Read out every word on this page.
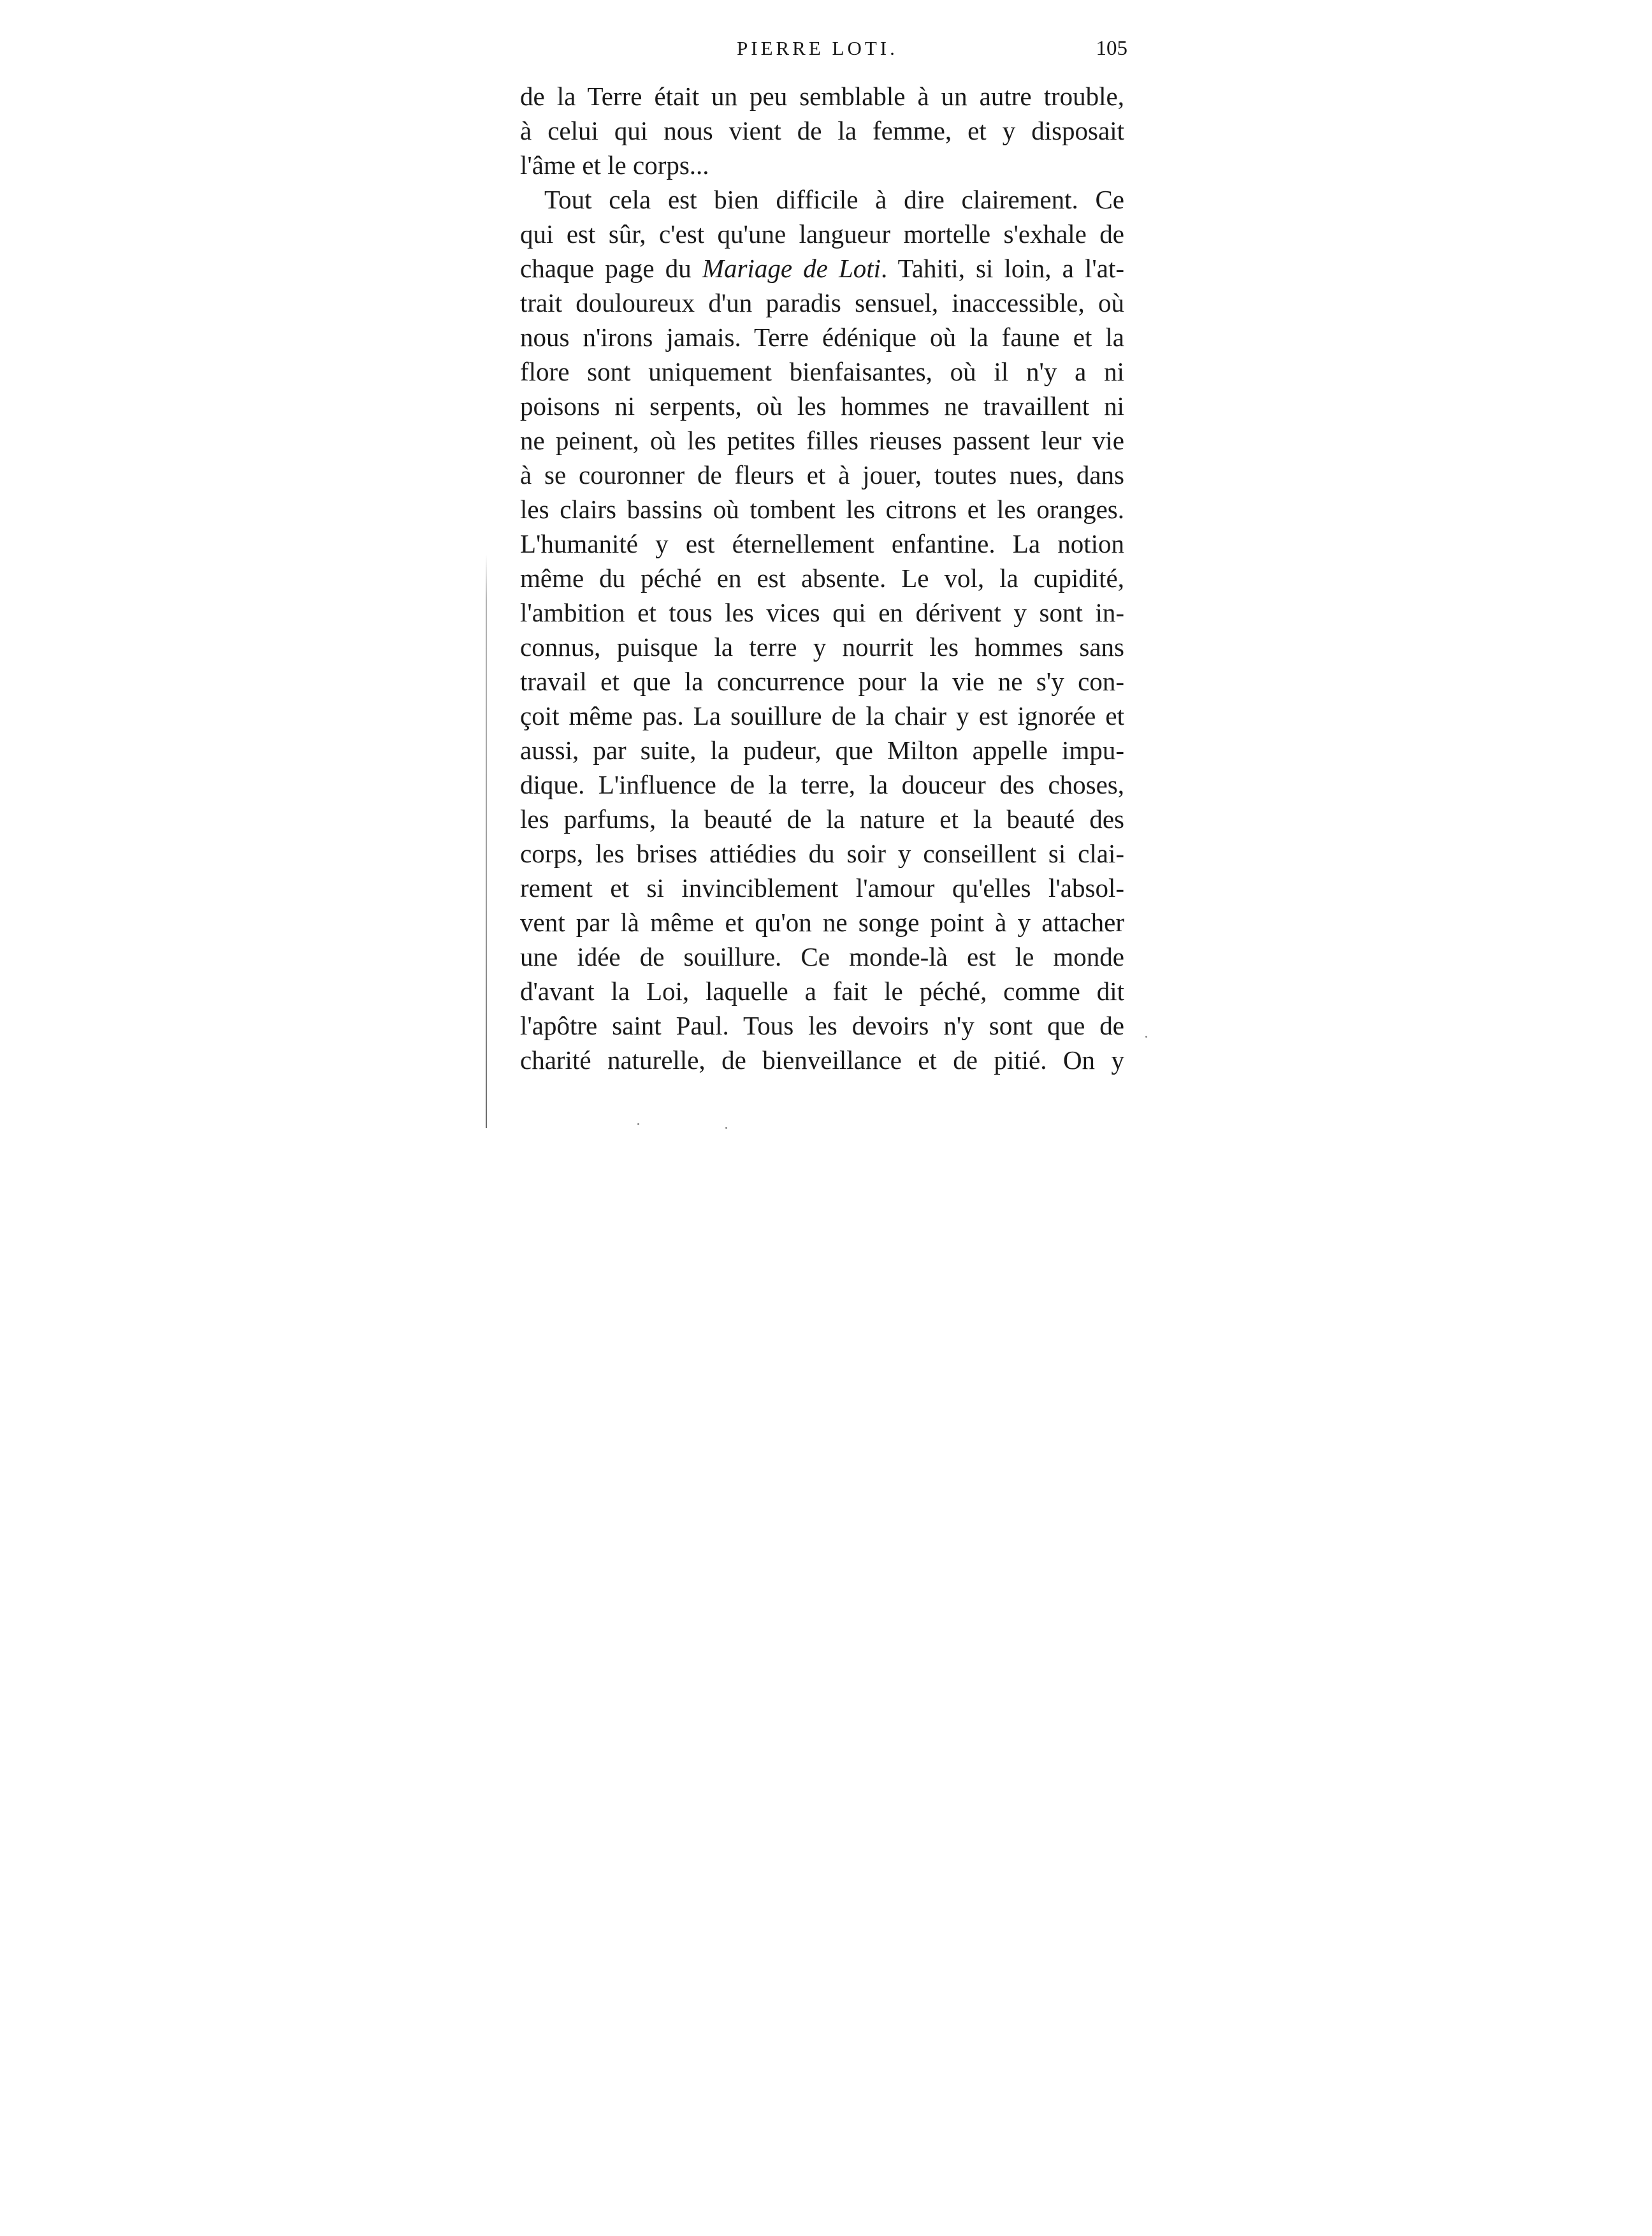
PIERRE LOTI.	105
de la Terre était un peu semblable à un autre trouble,
à celui qui nous vient de la femme, et y disposait
l'âme et le corps...
Tout cela est bien difficile à dire clairement. Ce
qui est sûr, c'est qu'une langueur mortelle s'exhale de
chaque page du Mariage de Loti. Tahiti, si loin, a l'at-
trait douloureux d'un paradis sensuel, inaccessible, où
nous n'irons jamais. Terre édénique où la faune et la
flore sont uniquement bienfaisantes, où il n'y a ni
poisons ni serpents, où les hommes ne travaillent ni
ne peinent, où les petites filles rieuses passent leur vie
à se couronner de fleurs et à jouer, toutes nues, dans
les clairs bassins où tombent les citrons et les oranges.
L'humanité y est éternellement enfantine. La notion
même du péché en est absente. Le vol, la cupidité,
l'ambition et tous les vices qui en dérivent y sont in-
connus, puisque la terre y nourrit les hommes sans
travail et que la concurrence pour la vie ne s'y con-
çoit même pas. La souillure de la chair y est ignorée et
aussi, par suite, la pudeur, que Milton appelle impu-
dique. L'influence de la terre, la douceur des choses,
les parfums, la beauté de la nature et la beauté des
corps, les brises attiédies du soir y conseillent si clai-
rement et si invinciblement l'amour qu'elles l'absol-
vent par là même et qu'on ne songe point à y attacher
une idée de souillure. Ce monde-là est le monde
d'avant la Loi, laquelle a fait le péché, comme dit
l'apôtre saint Paul. Tous les devoirs n'y sont que de
charité naturelle, de bienveillance et de pitié. On y
